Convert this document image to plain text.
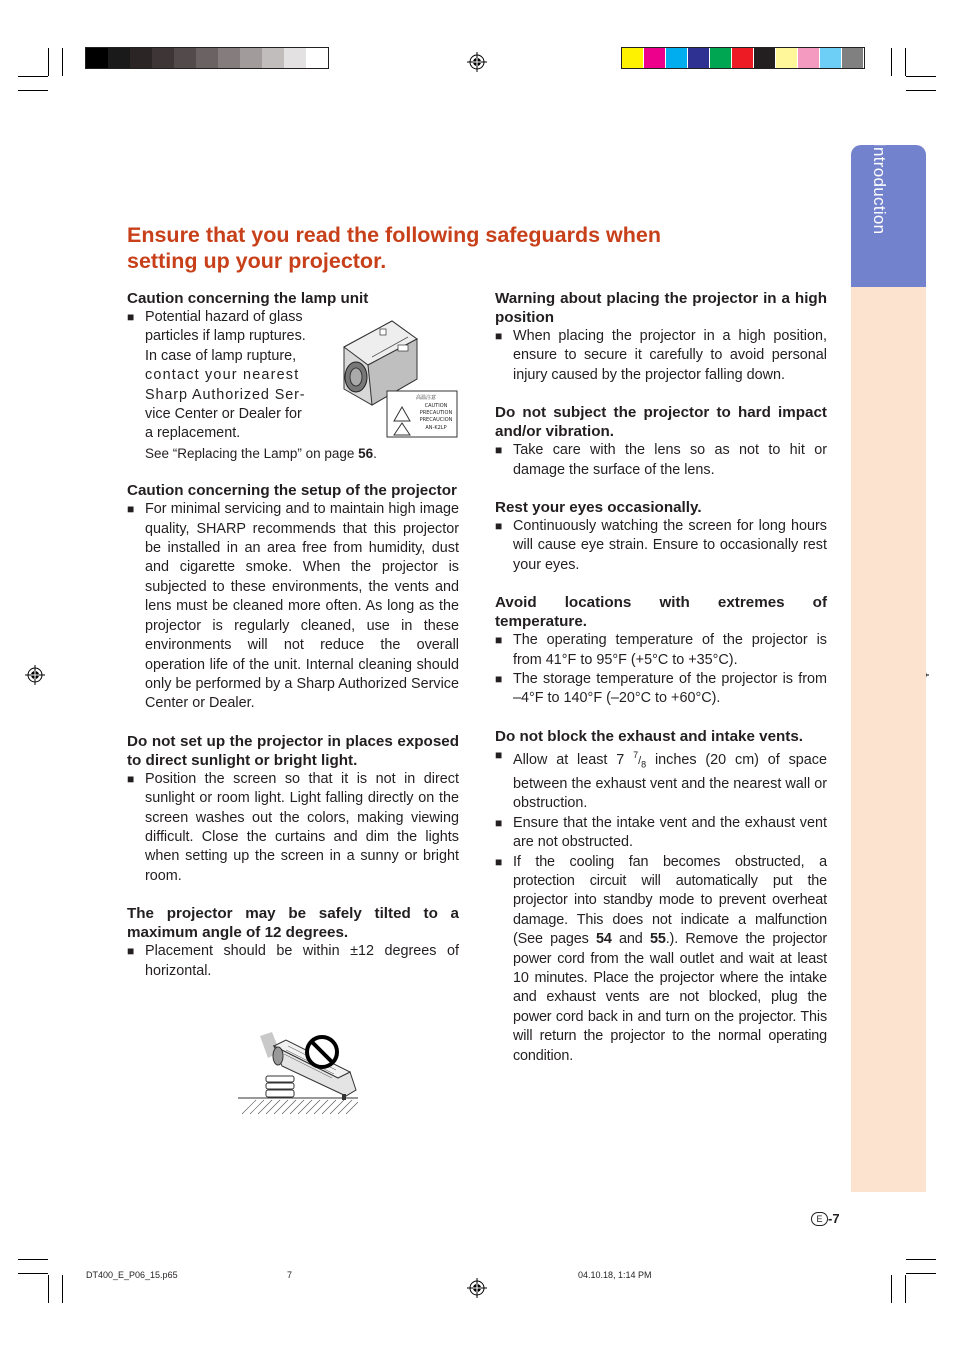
Introduction
Ensure that you read the following safeguards when
setting up your projector.
Caution concerning the lamp unit
■ Potential hazard of glass
particles if lamp ruptures.
In case of lamp rupture,
contact your nearest
Sharp Authorized Ser-
vice Center or Dealer for
a replacement.
See “Replacing the Lamp” on page 56.
高温注意
CAUTION
PRECAUTION
PRECAUCION
AN-K2LP
Caution concerning the setup of the projector
■ For minimal servicing and to maintain high image quality, SHARP recommends that this projector be installed in an area free from humidity, dust and cigarette smoke. When the projector is subjected to these environments, the vents and lens must be cleaned more often. As long as the projector is regularly cleaned, use in these environments will not reduce the overall operation life of the unit. Internal cleaning should only be performed by a Sharp Authorized Service Center or Dealer.
Do not set up the projector in places exposed to direct sunlight or bright light.
■ Position the screen so that it is not in direct sunlight or room light. Light falling directly on the screen washes out the colors, making viewing difficult. Close the curtains and dim the lights when setting up the screen in a sunny or bright room.
The projector may be safely tilted to a maximum angle of 12 degrees.
■ Placement should be within ±12 degrees of horizontal.
Warning about placing the projector in a high position
■ When placing the projector in a high position, ensure to secure it carefully to avoid personal injury caused by the projector falling down.
Do not subject the projector to hard impact and/or vibration.
■ Take care with the lens so as not to hit or damage the surface of the lens.
Rest your eyes occasionally.
■ Continuously watching the screen for long hours will cause eye strain. Ensure to occasionally rest your eyes.
Avoid locations with extremes of temperature.
■ The operating temperature of the projector is from 41°F to 95°F (+5°C to +35°C).
■ The storage temperature of the projector is from –4°F to 140°F (–20°C to +60°C).
Do not block the exhaust and intake vents.
■ Allow at least 7 $^7/_8$ inches (20 cm) of space between the exhaust vent and the nearest wall or obstruction.
■ Ensure that the intake vent and the exhaust vent are not obstructed.
■ If the cooling fan becomes obstructed, a protection circuit will automatically put the projector into standby mode to prevent overheat damage. This does not indicate a malfunction (See pages 54 and 55.). Remove the projector power cord from the wall outlet and wait at least 10 minutes. Place the projector where the intake and exhaust vents are not blocked, plug the power cord back in and turn on the projector. This will return the projector to the normal operating condition.
E -7
DT400_E_P06_15.p65	7	04.10.18, 1:14 PM
